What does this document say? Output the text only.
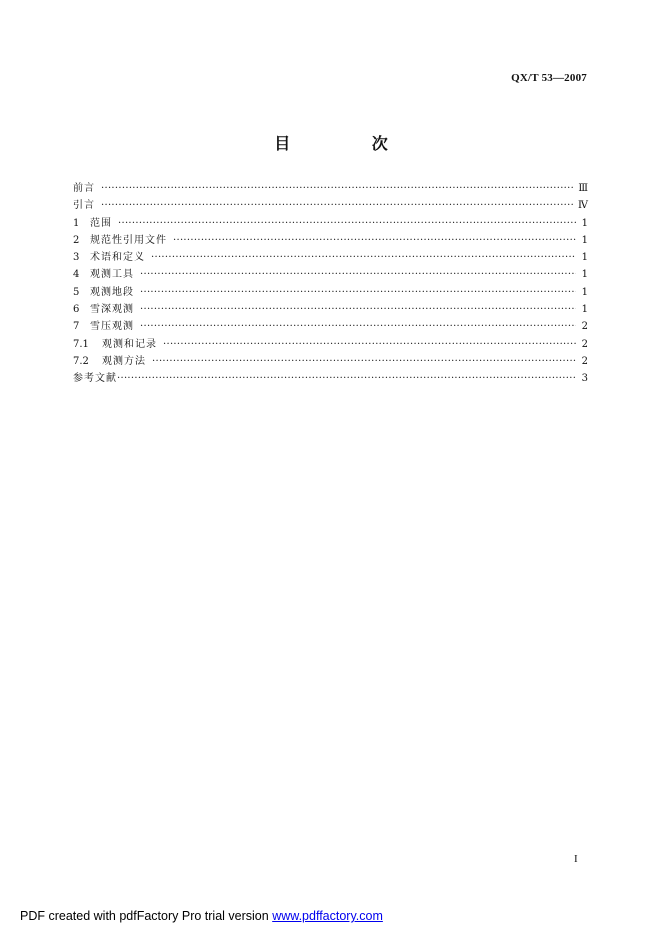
QX/T 53—2007
目 次
前言 ·····	Ⅲ
引言 ·····	Ⅳ
1	范围 ·····	1
2	规范性引用文件 ·····	1
3	术语和定义 ·····	1
4	观测工具 ·····	1
5	观测地段 ·····	1
6	雪深观测 ·····	1
7	雪压观测 ·····	2
7.1	观测和记录 ·····	2
7.2	观测方法 ·····	2
参考文献 ·····	3
I
PDF created with pdfFactory Pro trial version www.pdffactory.com
